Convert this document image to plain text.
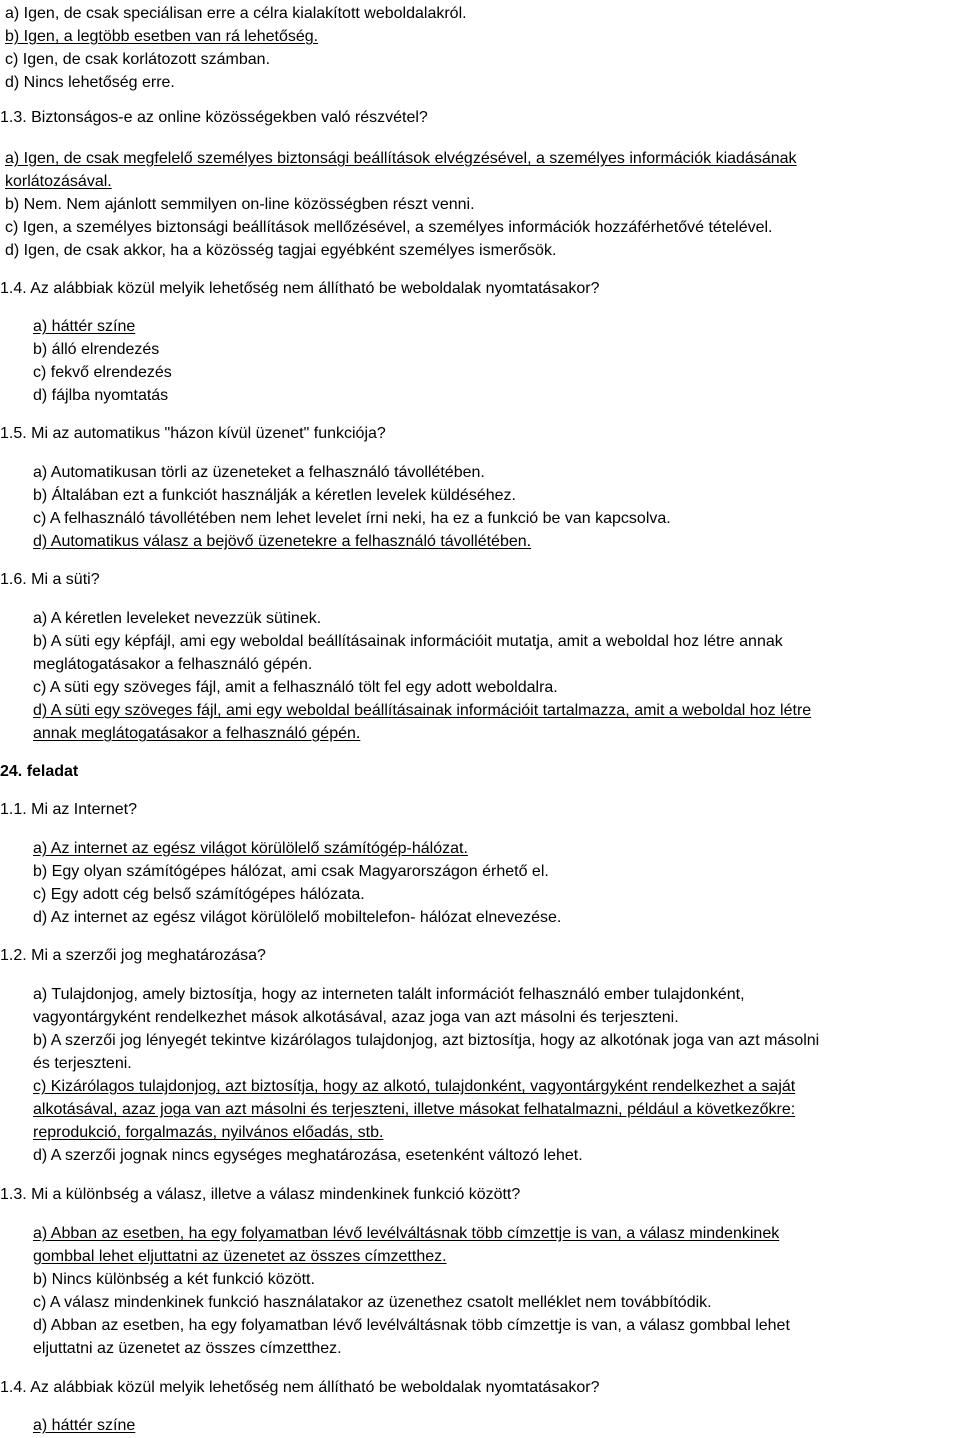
a) Igen, de csak speciálisan erre a célra kialakított weboldalakról.

b) Igen, a legtöbb esetben van rá lehetőség.

c) Igen, de csak korlátozott számban.

d) Nincs lehetőség erre.

1.3. Biztonságos-e az online közösségekben való részvétel?

a) Igen, de csak megfelelő személyes biztonsági beállítások elvégzésével, a személyes információk kiadásának

korlátozásával.

b) Nem. Nem ajánlott semmilyen on-line közösségben részt venni.

c) Igen, a személyes biztonsági beállítások mellőzésével, a személyes információk hozzáférhetővé tételével.

d) Igen, de csak akkor, ha a közösség tagjai egyébként személyes ismerősök.

1.4. Az alábbiak közül melyik lehetőség nem állítható be weboldalak nyomtatásakor?

a) háttér színe

b) álló elrendezés

c) fekvő elrendezés

d) fájlba nyomtatás

1.5. Mi az automatikus "házon kívül üzenet" funkciója?

a) Automatikusan törli az üzeneteket a felhasználó távollétében.

b) Általában ezt a funkciót használják a kéretlen levelek küldéséhez.

c) A felhasználó távollétében nem lehet levelet írni neki, ha ez a funkció be van kapcsolva.

d) Automatikus válasz a bejövő üzenetekre a felhasználó távollétében.

1.6. Mi a süti?

a) A kéretlen leveleket nevezzük sütinek.

b) A süti egy képfájl, ami egy weboldal beállításainak információit mutatja, amit a weboldal hoz létre annak

meglátogatásakor a felhasználó gépén.

c) A süti egy szöveges fájl, amit a felhasználó tölt fel egy adott weboldalra.

d) A süti egy szöveges fájl, ami egy weboldal beállításainak információit tartalmazza, amit a weboldal hoz létre

annak meglátogatásakor a felhasználó gépén.

24. feladat

1.1. Mi az Internet?

a) Az internet az egész világot körülölelő számítógép-hálózat.

b) Egy olyan számítógépes hálózat, ami csak Magyarországon érhető el.

c) Egy adott cég belső számítógépes hálózata.

d) Az internet az egész világot körülölelő mobiltelefon- hálózat elnevezése.

1.2. Mi a szerzői jog meghatározása?

a) Tulajdonjog, amely biztosítja, hogy az interneten talált információt felhasználó ember tulajdonként,

vagyontárgyként rendelkezhet mások alkotásával, azaz joga van azt másolni és terjeszteni.

b) A szerzői jog lényegét tekintve kizárólagos tulajdonjog, azt biztosítja, hogy az alkotónak joga van azt másolni

és terjeszteni.

c) Kizárólagos tulajdonjog, azt biztosítja, hogy az alkotó, tulajdonként, vagyontárgyként rendelkezhet a saját

alkotásával, azaz joga van azt másolni és terjeszteni, illetve másokat felhatalmazni, például a következőkre:

reprodukció, forgalmazás, nyilvános előadás, stb.

d) A szerzői jognak nincs egységes meghatározása, esetenként változó lehet.

1.3. Mi a különbség a válasz, illetve a válasz mindenkinek funkció között?

a) Abban az esetben, ha egy folyamatban lévő levélváltásnak több címzettje is van, a válasz mindenkinek

gombbal lehet eljuttatni az üzenetet az összes címzetthez.

b) Nincs különbség a két funkció között.

c) A válasz mindenkinek funkció használatakor az üzenethez csatolt melléklet nem továbbítódik.

d) Abban az esetben, ha egy folyamatban lévő levélváltásnak több címzettje is van, a válasz gombbal lehet

eljuttatni az üzenetet az összes címzetthez.

1.4. Az alábbiak közül melyik lehetőség nem állítható be weboldalak nyomtatásakor?

a) háttér színe
